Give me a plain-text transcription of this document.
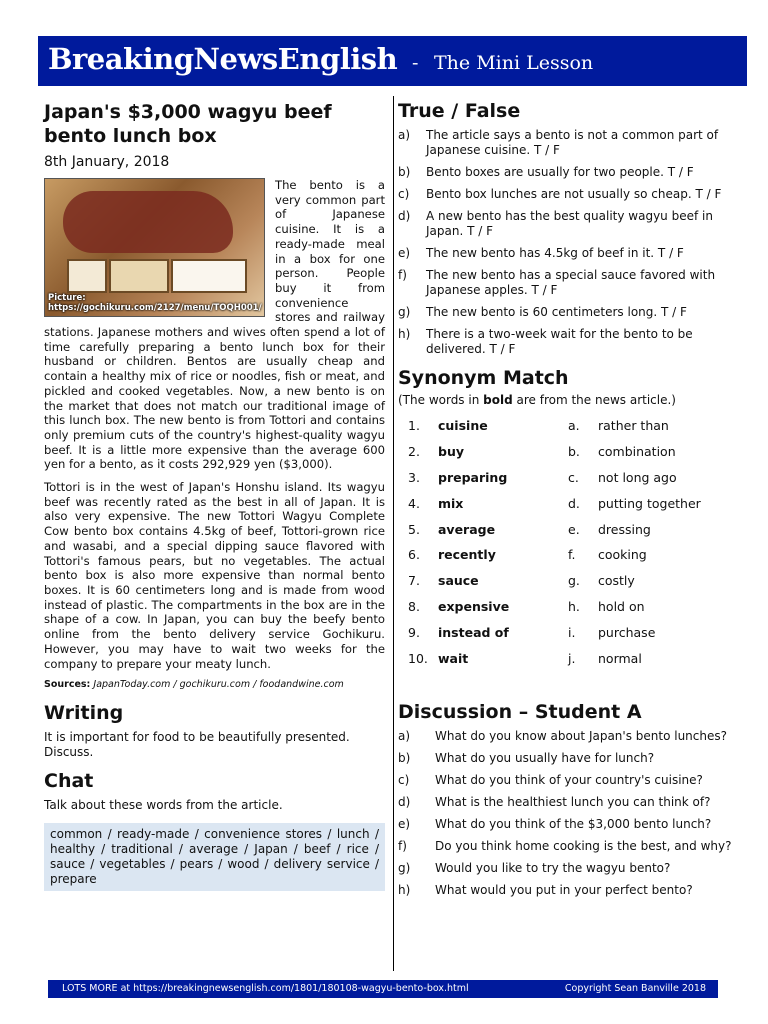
BreakingNewsEnglish - The Mini Lesson
Japan's $3,000 wagyu beef
bento lunch box
8th January, 2018
Picture:
https://gochikuru.com/2127/menu/TOQH001/

The bento is a very common part of Japanese cuisine. It is a ready-made meal in a box for one person. People buy it from convenience stores and railway stations. Japanese mothers and wives often spend a lot of time carefully preparing a bento lunch box for their husband or children. Bentos are usually cheap and contain a healthy mix of rice or noodles, fish or meat, and pickled and cooked vegetables. Now, a new bento is on the market that does not match our traditional image of this lunch box. The new bento is from Tottori and contains only premium cuts of the country's highest-quality wagyu beef. It is a little more expensive than the average 600 yen for a bento, as it costs 292,929 yen ($3,000).

Tottori is in the west of Japan's Honshu island. Its wagyu beef was recently rated as the best in all of Japan. It is also very expensive. The new Tottori Wagyu Complete Cow bento box contains 4.5kg of beef, Tottori-grown rice and wasabi, and a special dipping sauce flavored with Tottori's famous pears, but no vegetables. The actual bento box is also more expensive than normal bento boxes. It is 60 centimeters long and is made from wood instead of plastic. The compartments in the box are in the shape of a cow. In Japan, you can buy the beefy bento online from the bento delivery service Gochikuru. However, you may have to wait two weeks for the company to prepare your meaty lunch.

Sources: JapanToday.com / gochikuru.com / foodandwine.com
Writing
It is important for food to be beautifully presented. Discuss.
Chat
Talk about these words from the article.
common / ready-made / convenience stores / lunch / healthy / traditional / average / Japan / beef / rice / sauce / vegetables / pears / wood / delivery service / prepare
True / False
a)	The article says a bento is not a common part of Japanese cuisine. T / F
b)	Bento boxes are usually for two people. T / F
c)	Bento box lunches are not usually so cheap. T / F
d)	A new bento has the best quality wagyu beef in Japan. T / F
e)	The new bento has 4.5kg of beef in it. T / F
f)	The new bento has a special sauce favored with Japanese apples. T / F
g)	The new bento is 60 centimeters long. T / F
h)	There is a two-week wait for the bento to be delivered. T / F
Synonym Match
(The words in bold are from the news article.)
1.	cuisine	a.	rather than
2.	buy	b.	combination
3.	preparing	c.	not long ago
4.	mix	d.	putting together
5.	average	e.	dressing
6.	recently	f.	cooking
7.	sauce	g.	costly
8.	expensive	h.	hold on
9.	instead of	i.	purchase
10.	wait	j.	normal
Discussion – Student A
a)	What do you know about Japan's bento lunches?
b)	What do you usually have for lunch?
c)	What do you think of your country's cuisine?
d)	What is the healthiest lunch you can think of?
e)	What do you think of the $3,000 bento lunch?
f)	Do you think home cooking is the best, and why?
g)	Would you like to try the wagyu bento?
h)	What would you put in your perfect bento?
LOTS MORE at https://breakingnewsenglish.com/1801/180108-wagyu-bento-box.html	Copyright Sean Banville 2018
